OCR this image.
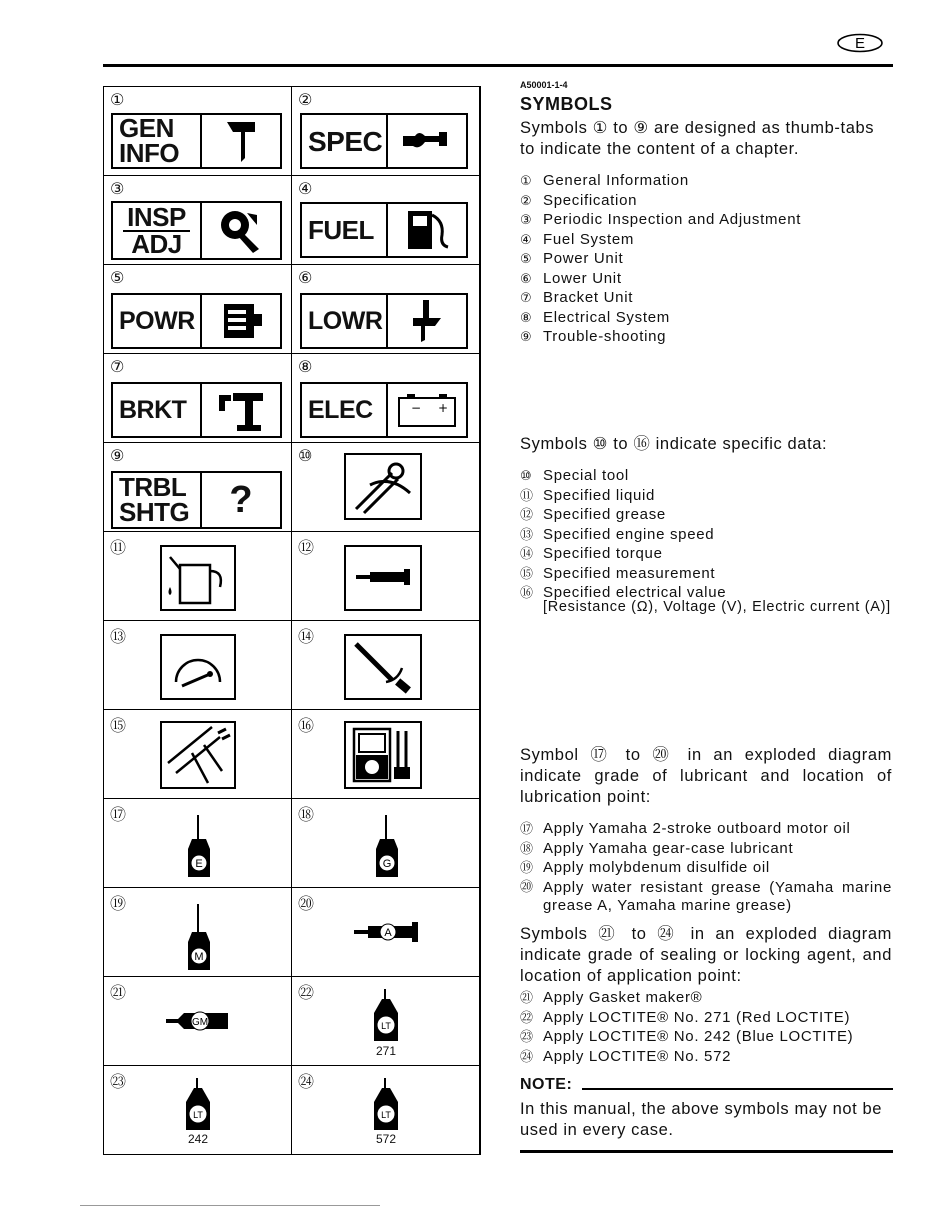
E
①
GEN
INFO
②
SPEC
③
INSP
ADJ
④
FUEL
⑤
POWR
⑥
LOWR
⑦
BRKT
⑧
ELEC	− +
⑨
TRBL
SHTG ?
⑩
⑪	⑫
⑬	⑭
⑮	⑯
⑰
E
⑱
G
⑲
M
⑳
A
㉑
GM
㉒
LT
271
㉓
LT
242
㉔
LT
572
A50001-1-4
SYMBOLS
Symbols ① to ⑨ are designed as thumb-tabs to indicate the content of a chapter.
① General Information
② Specification
③ Periodic Inspection and Adjustment
④ Fuel System
⑤ Power Unit
⑥ Lower Unit
⑦ Bracket Unit
⑧ Electrical System
⑨ Trouble-shooting
Symbols ⑩ to ⑯ indicate specific data:
⑩ Special tool
⑪ Specified liquid
⑫ Specified grease
⑬ Specified engine speed
⑭ Specified torque
⑮ Specified measurement
⑯ Specified electrical value
[Resistance (Ω), Voltage (V), Electric current (A)]
Symbol ⑰ to ⑳ in an exploded diagram indicate grade of lubricant and location of lubrication point:
⑰ Apply Yamaha 2-stroke outboard motor oil
⑱ Apply Yamaha gear-case lubricant
⑲ Apply molybdenum disulfide oil
⑳ Apply water resistant grease (Yamaha marine grease A, Yamaha marine grease)
Symbols ㉑ to ㉔ in an exploded diagram indicate grade of sealing or locking agent, and location of application point:
㉑ Apply Gasket maker®
㉒ Apply LOCTITE® No. 271 (Red LOCTITE)
㉓ Apply LOCTITE® No. 242 (Blue LOCTITE)
㉔ Apply LOCTITE® No. 572
NOTE:
In this manual, the above symbols may not be used in every case.
